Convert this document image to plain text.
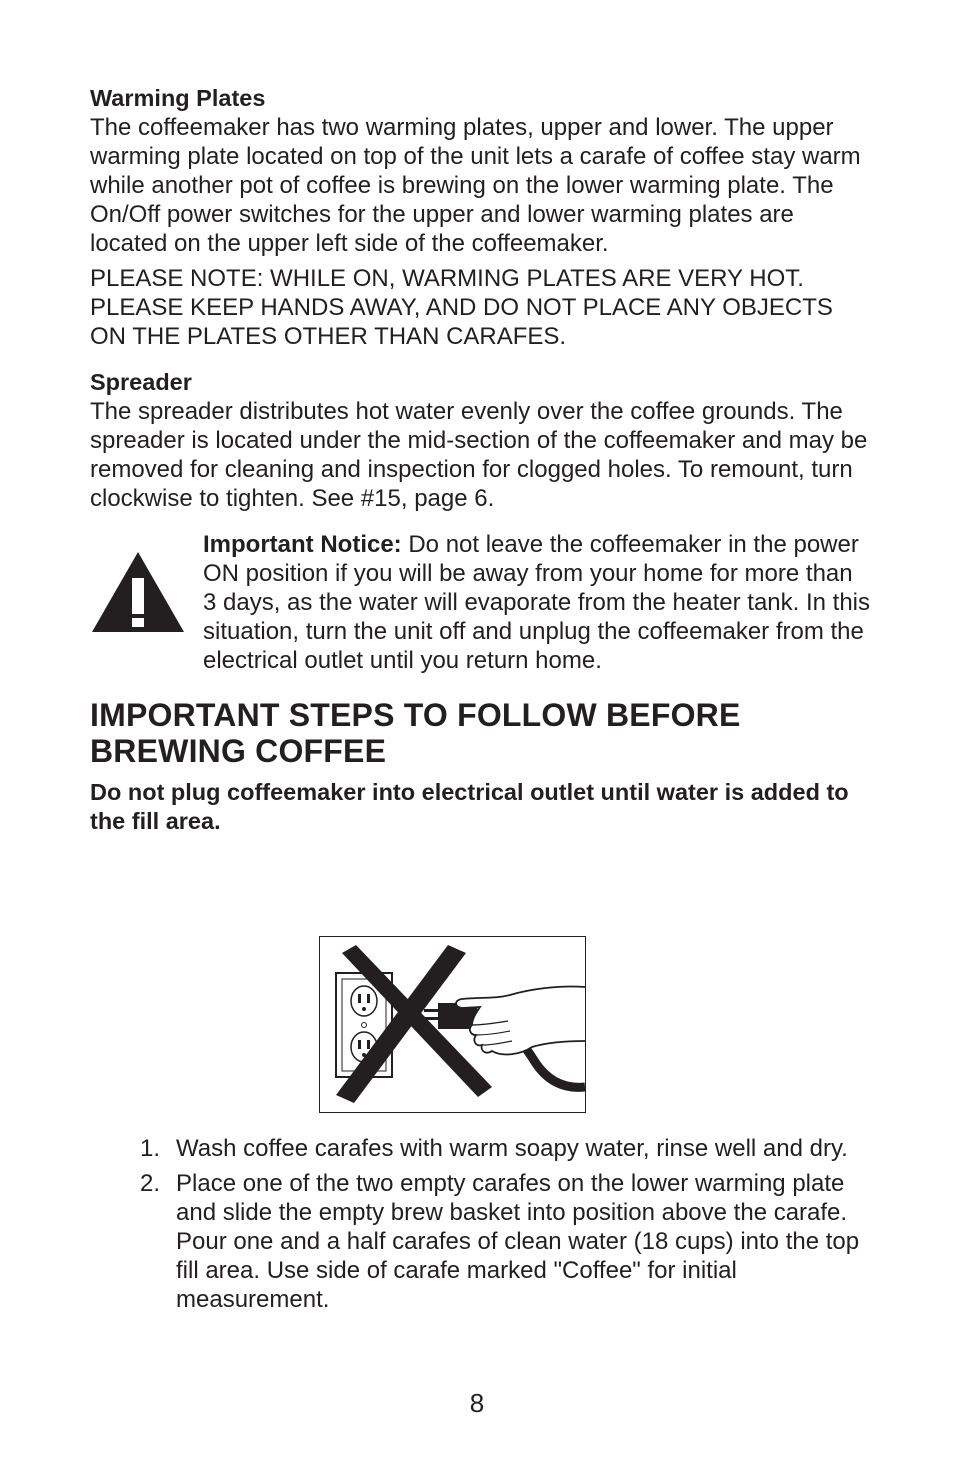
Warming Plates

The coffeemaker has two warming plates, upper and lower. The upper warming plate located on top of the unit lets a carafe of coffee stay warm while another pot of coffee is brewing on the lower warming plate. The On/Off power switches for the upper and lower warming plates are located on the upper left side of the coffeemaker.

PLEASE NOTE: WHILE ON, WARMING PLATES ARE VERY HOT. PLEASE KEEP HANDS AWAY, AND DO NOT PLACE ANY OBJECTS ON THE PLATES OTHER THAN CARAFES.

Spreader

The spreader distributes hot water evenly over the coffee grounds. The spreader is located under the mid-section of the coffeemaker and may be removed for cleaning and inspection for clogged holes. To remount, turn clockwise to tighten. See #15, page 6.

Important Notice: Do not leave the coffeemaker in the power ON position if you will be away from your home for more than 3 days, as the water will evaporate from the heater tank. In this situation, turn the unit off and unplug the coffeemaker from the electrical outlet until you return home.
IMPORTANT STEPS TO FOLLOW BEFORE BREWING COFFEE

Do not plug coffeemaker into electrical outlet until water is added to the fill area.

1. Wash coffee carafes with warm soapy water, rinse well and dry.
2. Place one of the two empty carafes on the lower warming plate and slide the empty brew basket into position above the carafe. Pour one and a half carafes of clean water (18 cups) into the top fill area. Use side of carafe marked "Coffee" for initial measurement.
8
